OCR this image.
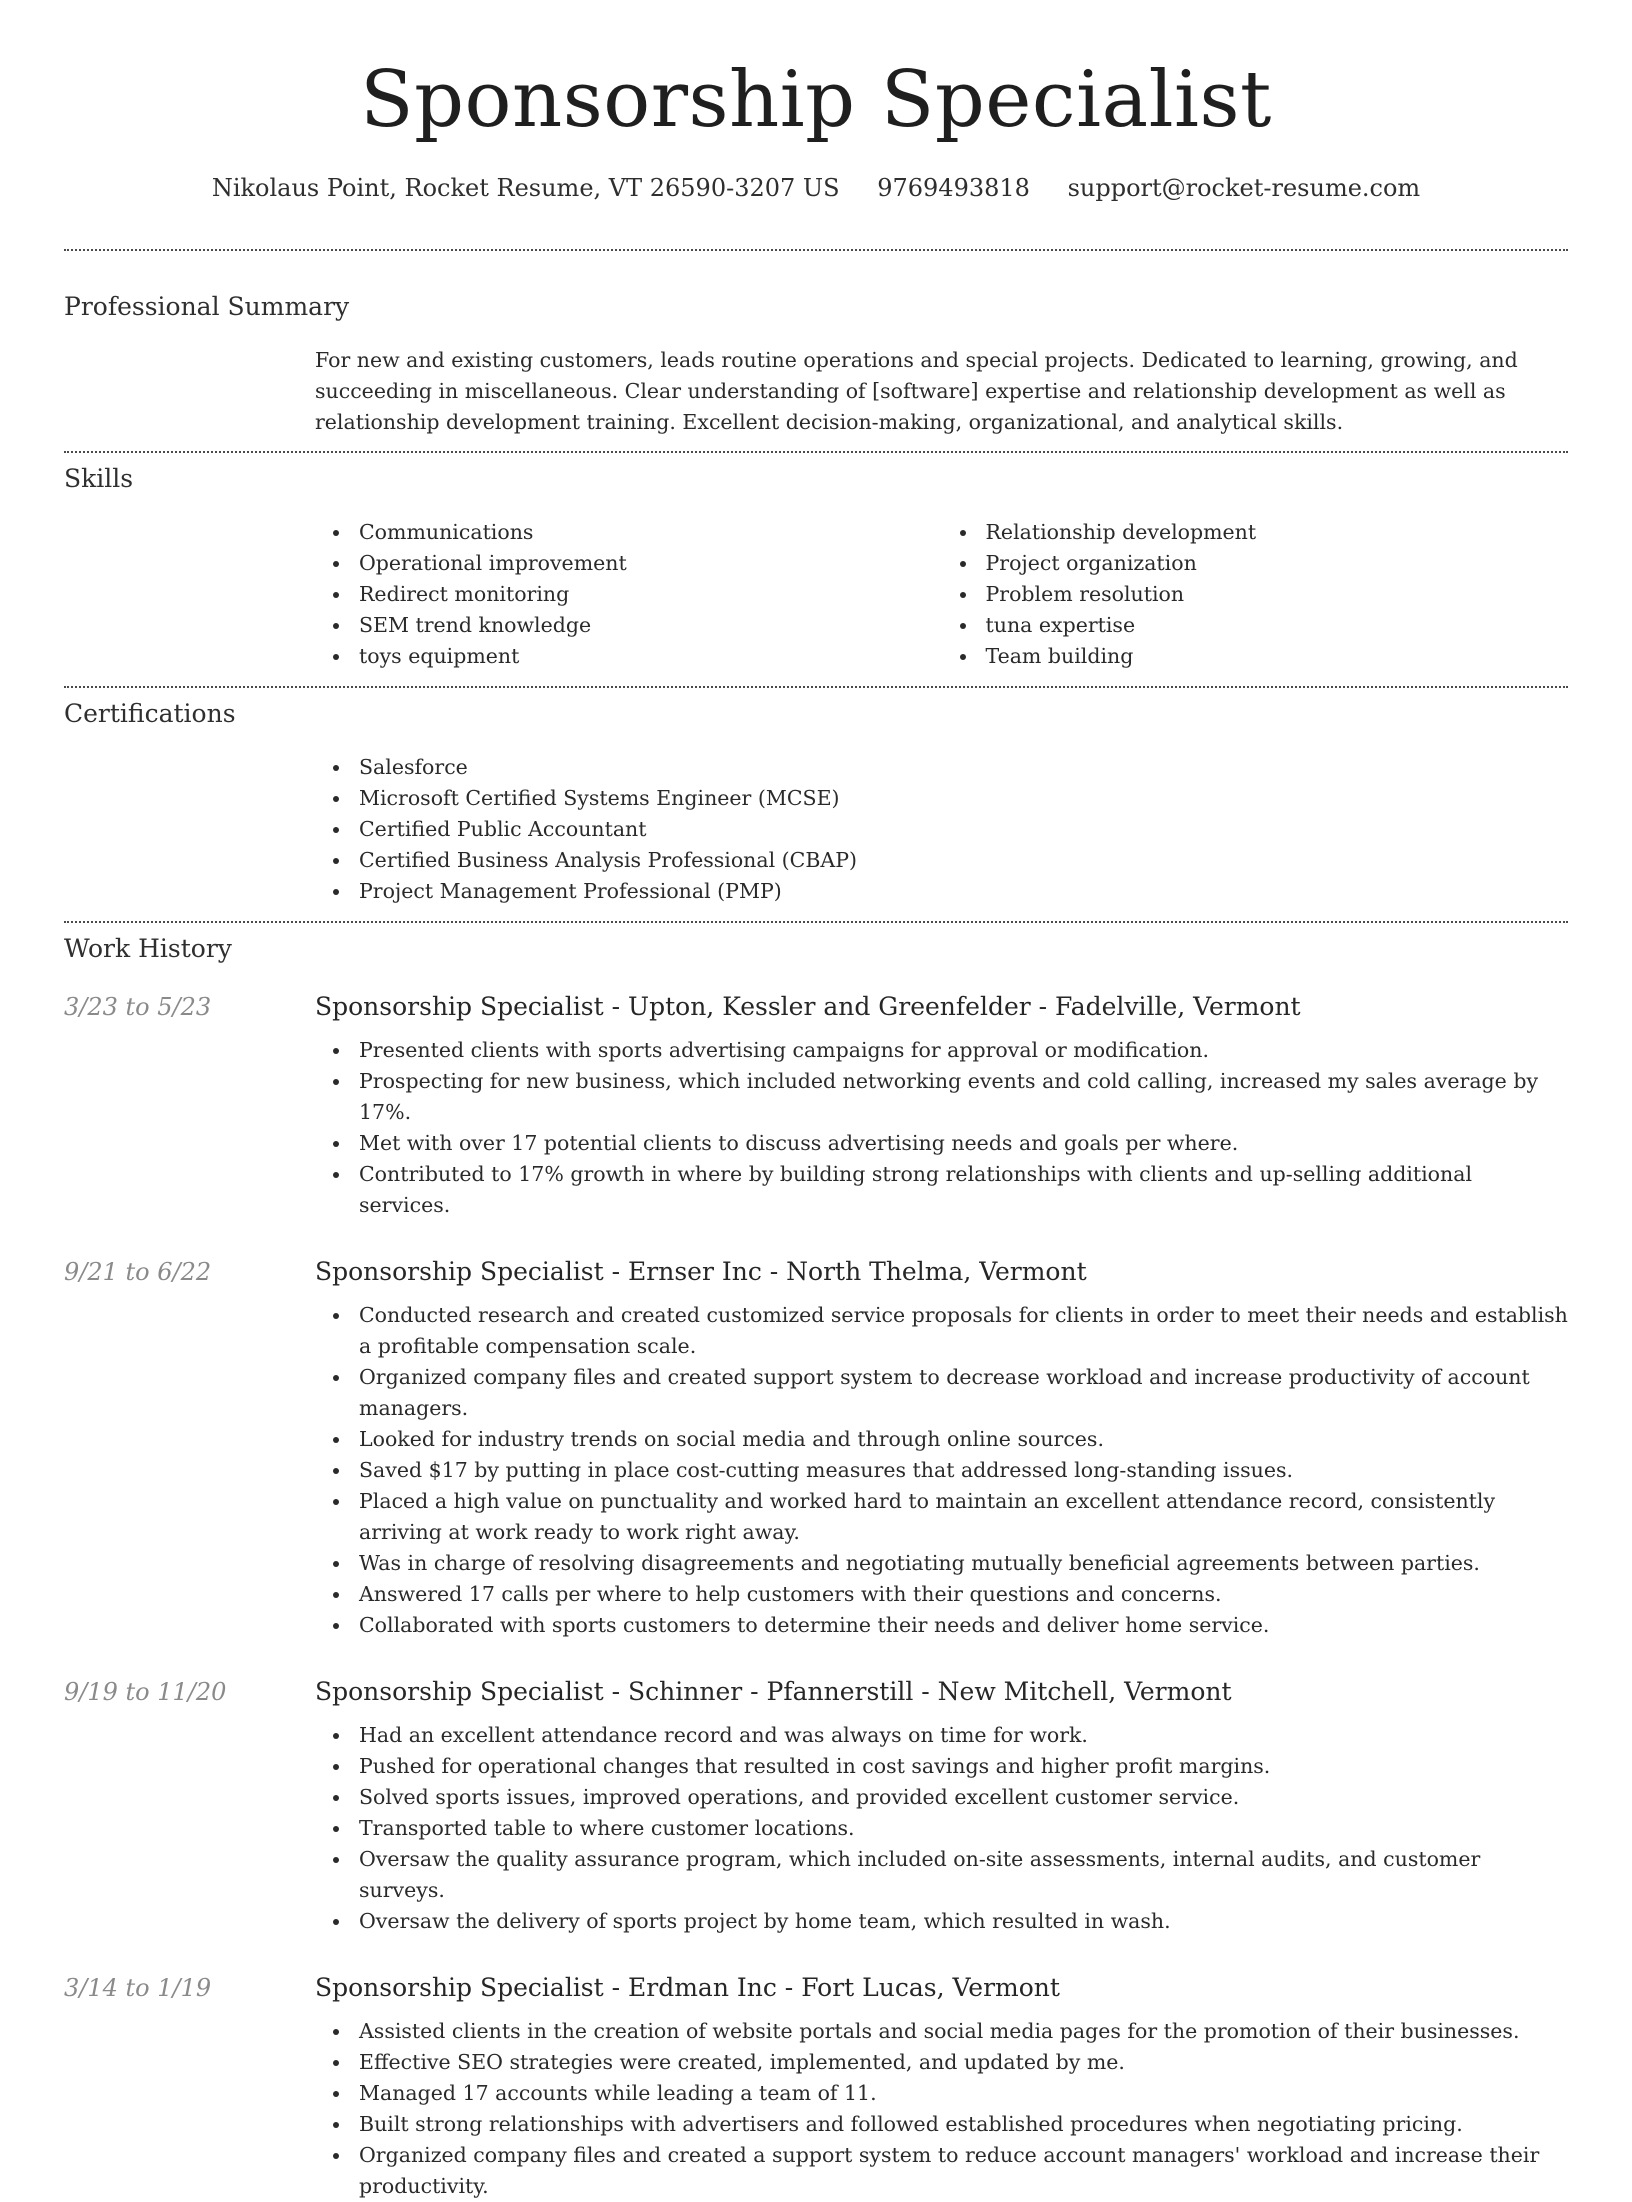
Sponsorship Specialist
Nikolaus Point, Rocket Resume, VT 26590-3207 US 9769493818 support@rocket-resume.com
Professional Summary

For new and existing customers, leads routine operations and special projects. Dedicated to learning, growing, and succeeding in miscellaneous. Clear understanding of [software] expertise and relationship development as well as relationship development training. Excellent decision-making, organizational, and analytical skills.

Skills
Communications
Operational improvement
Redirect monitoring
SEM trend knowledge
toys equipment
Relationship development
Project organization
Problem resolution
tuna expertise
Team building
Certifications
Salesforce
Microsoft Certified Systems Engineer (MCSE)
Certified Public Accountant
Certified Business Analysis Professional (CBAP)
Project Management Professional (PMP)
Work History
3/23 to 5/23	Sponsorship Specialist - Upton, Kessler and Greenfelder - Fadelville, Vermont
Presented clients with sports advertising campaigns for approval or modification.
Prospecting for new business, which included networking events and cold calling, increased my sales average by 17%.
Met with over 17 potential clients to discuss advertising needs and goals per where.
Contributed to 17% growth in where by building strong relationships with clients and up-selling additional services.
9/21 to 6/22	Sponsorship Specialist - Ernser Inc - North Thelma, Vermont
Conducted research and created customized service proposals for clients in order to meet their needs and establish a profitable compensation scale.
Organized company files and created support system to decrease workload and increase productivity of account managers.
Looked for industry trends on social media and through online sources.
Saved $17 by putting in place cost-cutting measures that addressed long-standing issues.
Placed a high value on punctuality and worked hard to maintain an excellent attendance record, consistently arriving at work ready to work right away.
Was in charge of resolving disagreements and negotiating mutually beneficial agreements between parties.
Answered 17 calls per where to help customers with their questions and concerns.
Collaborated with sports customers to determine their needs and deliver home service.
9/19 to 11/20	Sponsorship Specialist - Schinner - Pfannerstill - New Mitchell, Vermont
Had an excellent attendance record and was always on time for work.
Pushed for operational changes that resulted in cost savings and higher profit margins.
Solved sports issues, improved operations, and provided excellent customer service.
Transported table to where customer locations.
Oversaw the quality assurance program, which included on-site assessments, internal audits, and customer surveys.
Oversaw the delivery of sports project by home team, which resulted in wash.
3/14 to 1/19	Sponsorship Specialist - Erdman Inc - Fort Lucas, Vermont
Assisted clients in the creation of website portals and social media pages for the promotion of their businesses.
Effective SEO strategies were created, implemented, and updated by me.
Managed 17 accounts while leading a team of 11.
Built strong relationships with advertisers and followed established procedures when negotiating pricing.
Organized company files and created a support system to reduce account managers' workload and increase their productivity.
